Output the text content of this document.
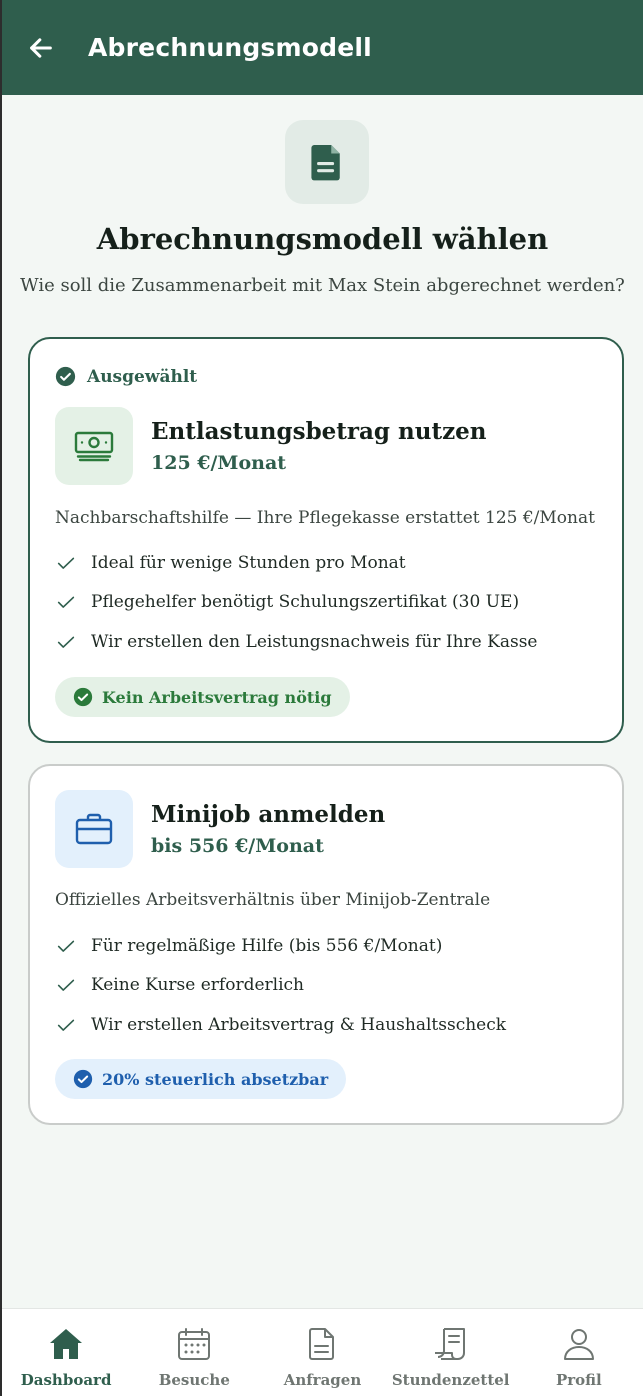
Abrechnungsmodell
Abrechnungsmodell wählen
Wie soll die Zusammenarbeit mit Max Stein abgerechnet werden?
Ausgewählt
Entlastungsbetrag nutzen
125 €/Monat
Nachbarschaftshilfe — Ihre Pflegekasse erstattet 125 €/Monat
Ideal für wenige Stunden pro Monat
Pflegehelfer benötigt Schulungszertifikat (30 UE)
Wir erstellen den Leistungsnachweis für Ihre Kasse
Kein Arbeitsvertrag nötig
Minijob anmelden
bis 556 €/Monat
Offizielles Arbeitsverhältnis über Minijob-Zentrale
Für regelmäßige Hilfe (bis 556 €/Monat)
Keine Kurse erforderlich
Wir erstellen Arbeitsvertrag & Haushaltsscheck
20% steuerlich absetzbar
Dashboard	Besuche	Anfragen Stundenzettel	Profil
